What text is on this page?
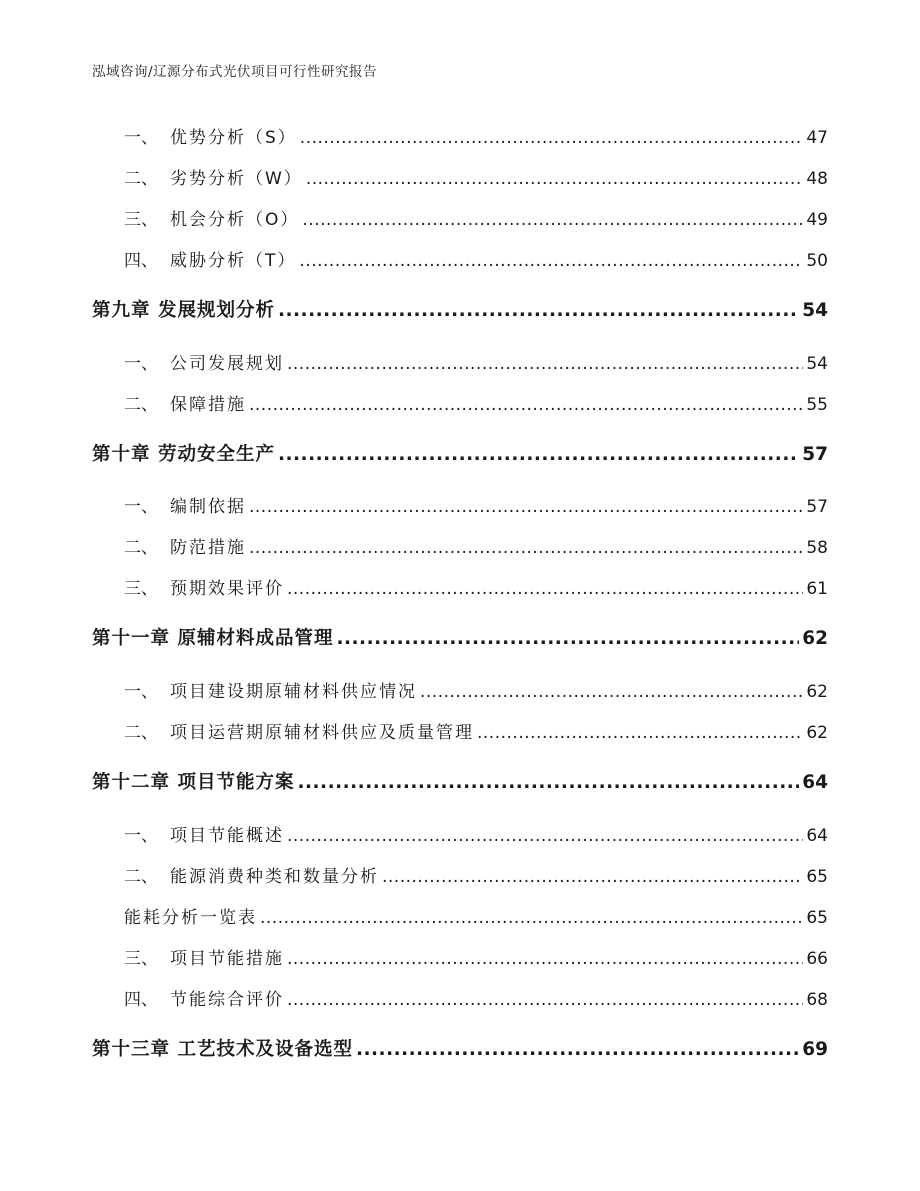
泓域咨询/辽源分布式光伏项目可行性研究报告
一、 优势分析（S） .....	47
二、 劣势分析（W） .....	48
三、 机会分析（O） .....	49
四、 威胁分析（T） .....	50
第九章 发展规划分析 .....	54
一、 公司发展规划 .....	54
二、 保障措施 .....	55
第十章 劳动安全生产 .....	57
一、 编制依据 .....	57
二、 防范措施 .....	58
三、 预期效果评价 .....	61
第十一章 原辅材料成品管理 .....	62
一、 项目建设期原辅材料供应情况 .....	62
二、 项目运营期原辅材料供应及质量管理 .....	62
第十二章 项目节能方案 .....	64
一、 项目节能概述 .....	64
二、 能源消费种类和数量分析 .....	65
能耗分析一览表 .....	65
三、 项目节能措施 .....	66
四、 节能综合评价 .....	68
第十三章 工艺技术及设备选型 .....	69
